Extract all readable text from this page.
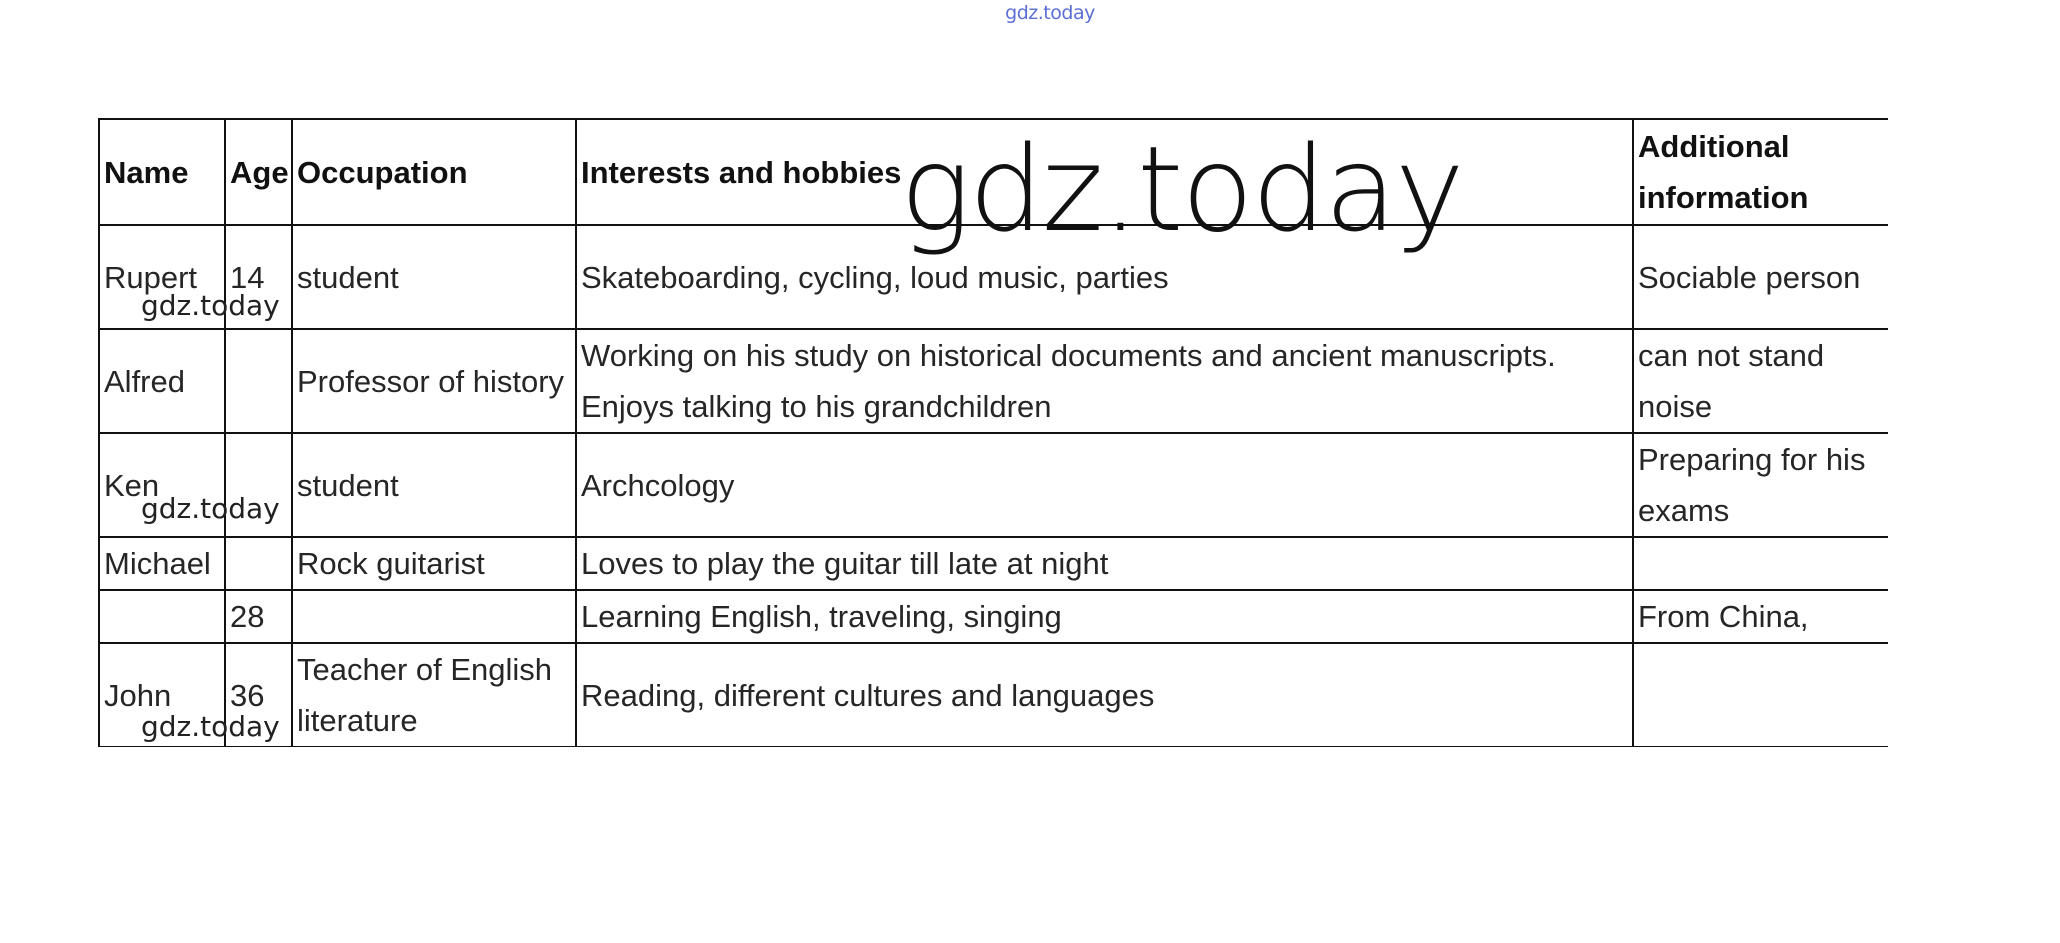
gdz.today
Name	Age	Occupation	Interests and hobbies	Additional information
Rupert	14	student	Skateboarding, cycling, loud music, parties	Sociable person
Alfred		Professor of history	Working on his study on historical documents and ancient manuscripts. Enjoys talking to his grandchildren	can not stand noise
Ken		student	Archcology	Preparing for his exams
Michael		Rock guitarist	Loves to play the guitar till late at night	
	28		Learning English, traveling, singing	From China,
John	36	Teacher of English literature	Reading, different cultures and languages	
gdz.today
gdz.today
gdz.today
gdz.today
